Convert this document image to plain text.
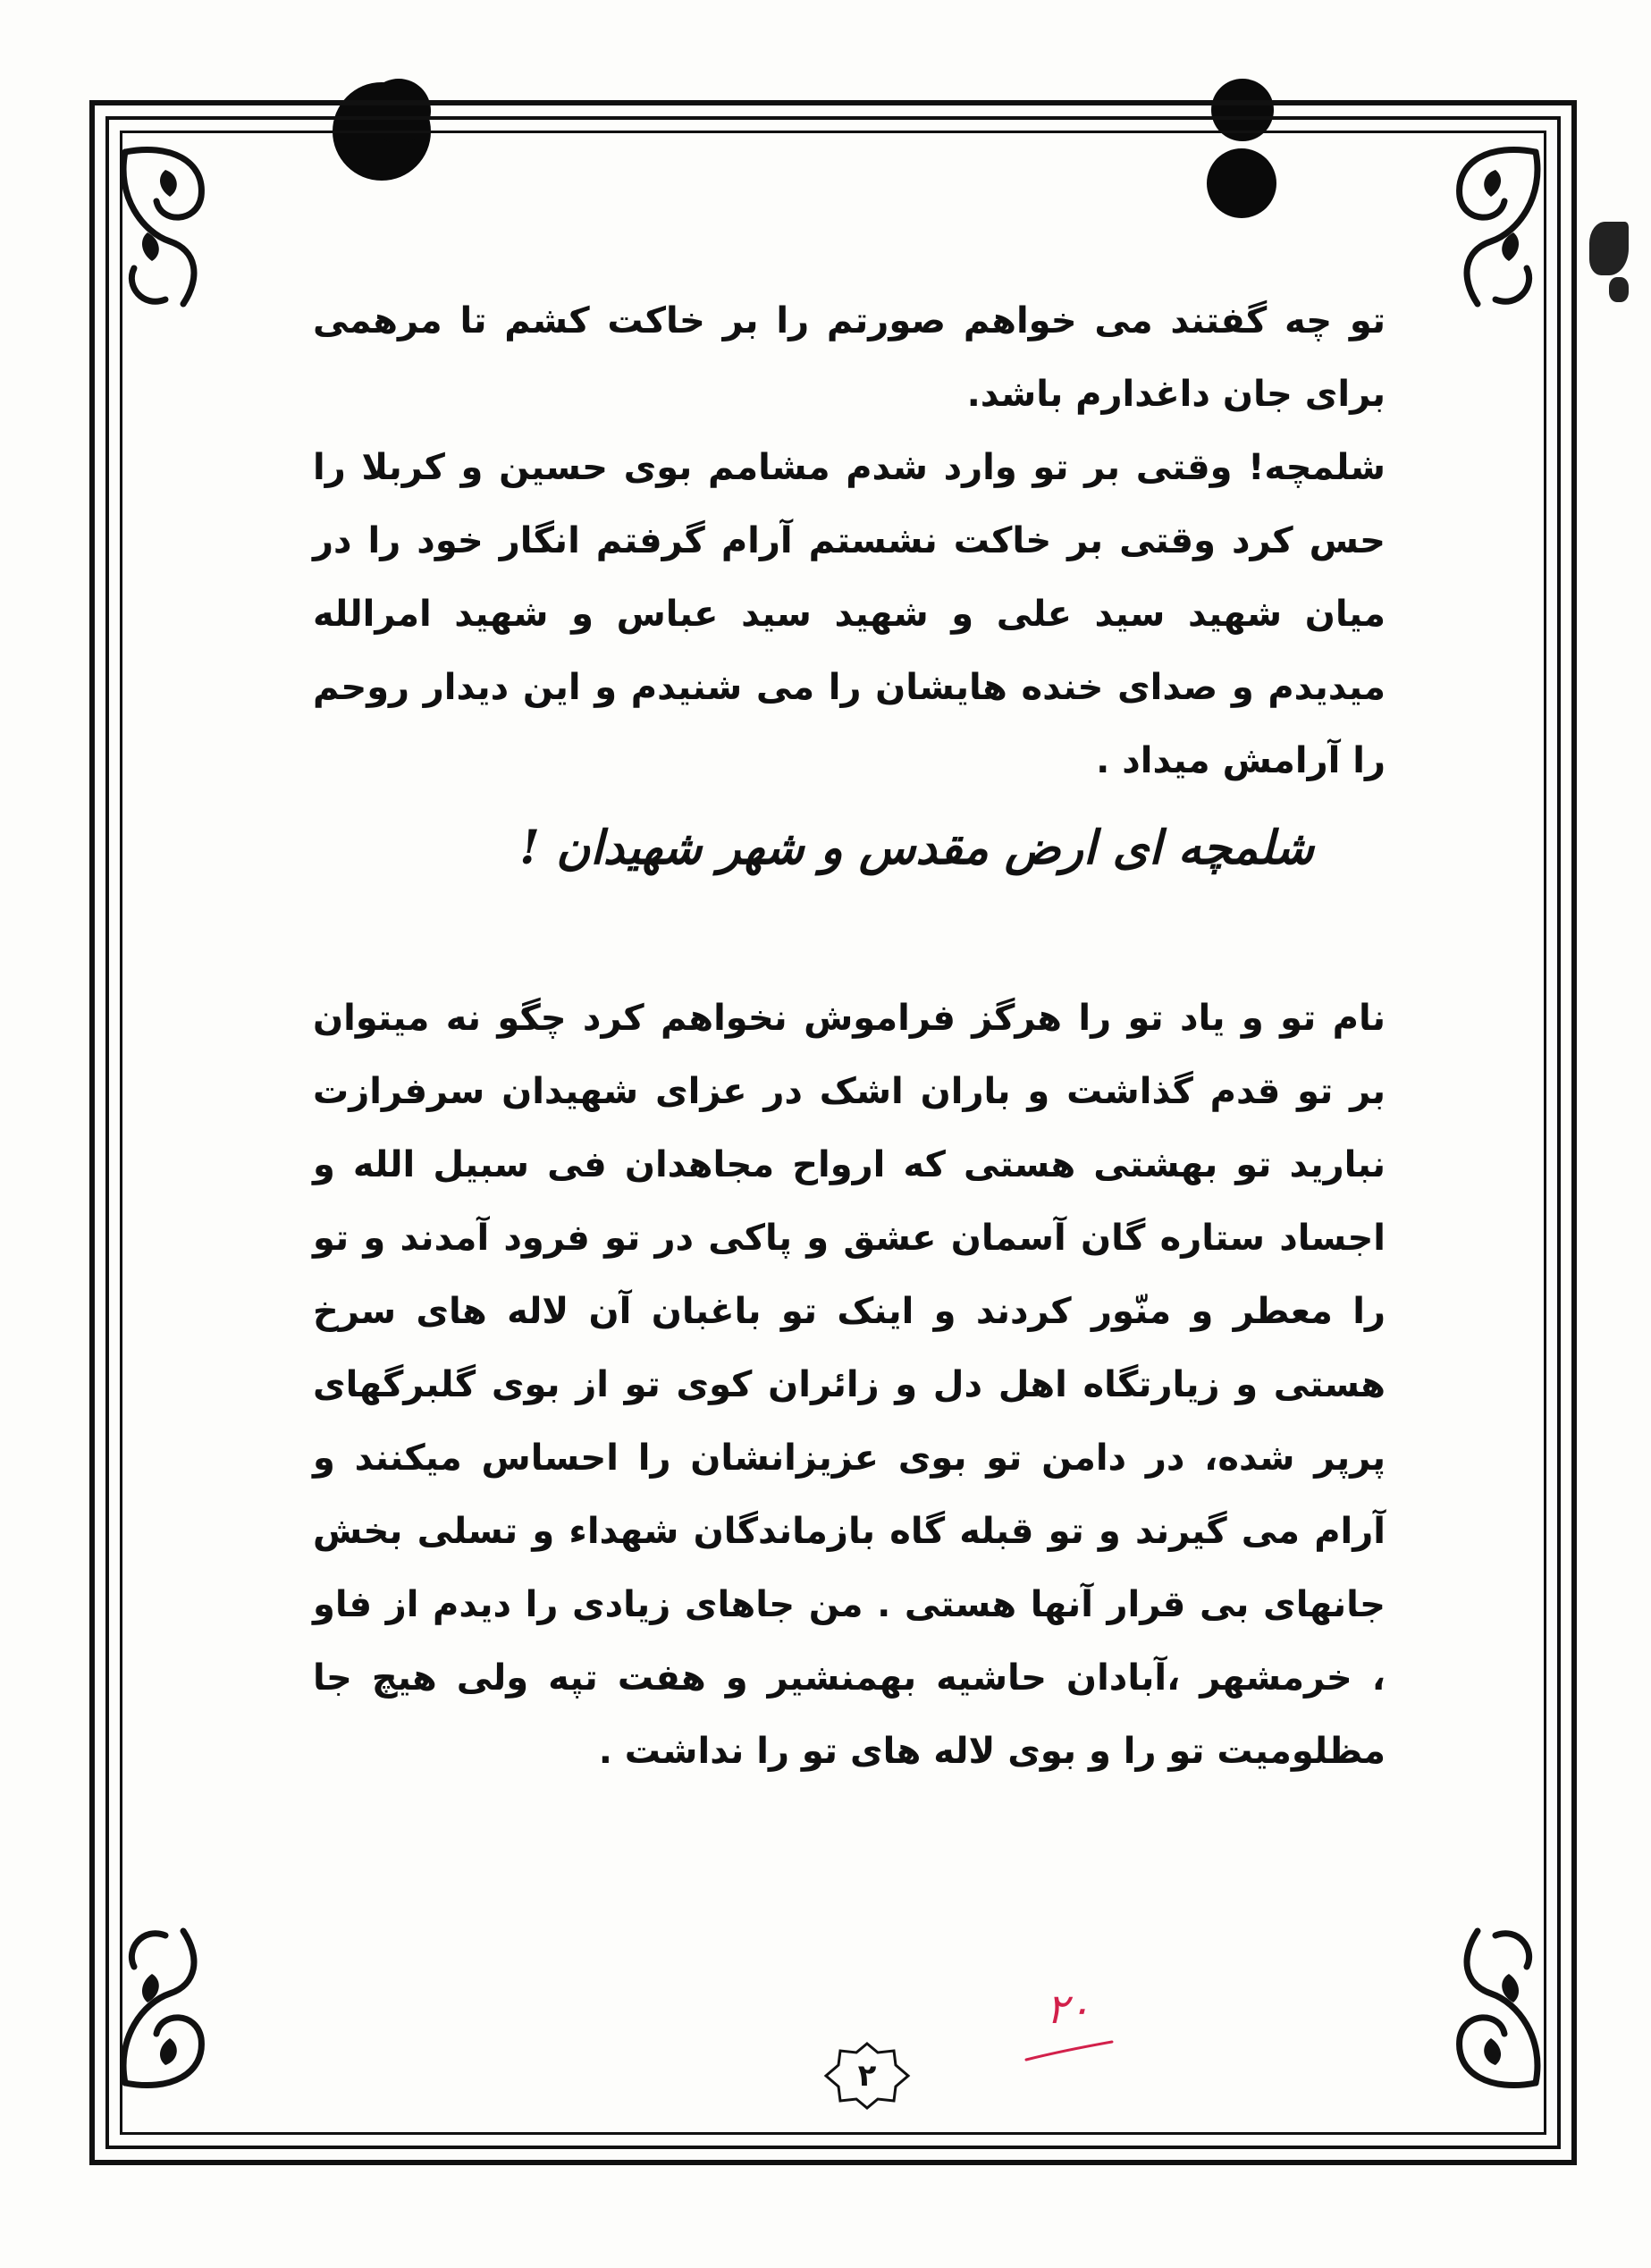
تو چه گفتند می خواهم صورتم را بر خاکت کشم تا مرهمی برای جان داغدارم باشد.

شلمچه! وقتی بر تو وارد شدم مشامم بوی حسین و کربلا را حس کرد وقتی بر خاکت نشستم آرام گرفتم انگار خود را در میان شهید سید علی و شهید سید عباس و شهید امرالله میدیدم و صدای خنده هایشان را می شنیدم و این دیدار روحم را آرامش میداد .

شلمچه ای ارض مقدس و شهر شهیدان !

نام تو و یاد تو را هرگز فراموش نخواهم کرد چگو نه میتوان بر تو قدم گذاشت و باران اشک در عزای شهیدان سرفرازت نبارید تو بهشتی هستی که ارواح مجاهدان فی سبیل الله و اجساد ستاره گان آسمان عشق و پاکی در تو فرود آمدند و تو را معطر و منّور کردند و اینک تو باغبان آن لاله های سرخ هستی و زیارتگاه اهل دل و زائران کوی تو از بوی گلبرگهای پرپر شده، در دامن تو بوی عزیزانشان را احساس میکنند و آرام می گیرند و تو قبله گاه بازماندگان شهداء و تسلی بخش جانهای بی قرار آنها هستی . من جاهای زیادی را دیدم از فاو ، خرمشهر ،آبادان حاشیه بهمنشیر و هفت تپه ولی هیچ جا مظلومیت تو را و بوی لاله های تو را نداشت .

۲۰
۲
